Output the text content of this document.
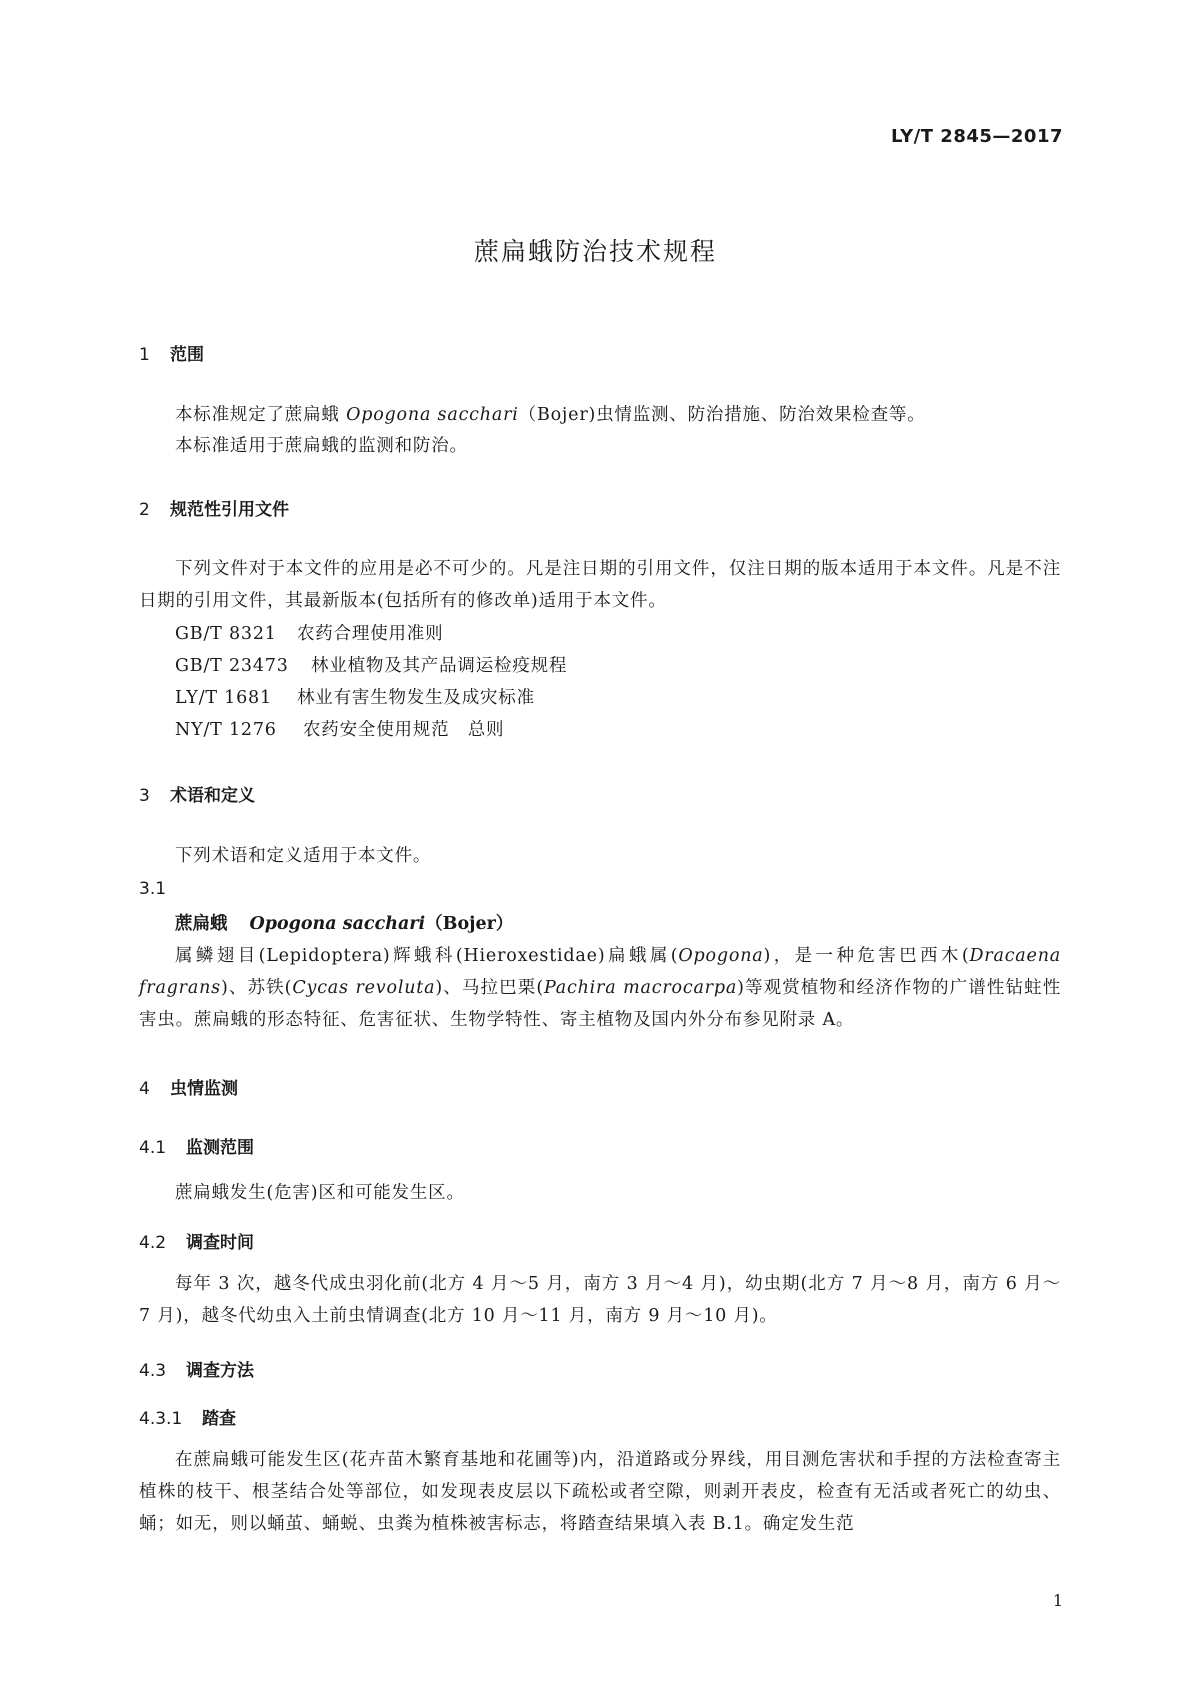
LY/T 2845—2017
蔗扁蛾防治技术规程
1 范围
本标准规定了蔗扁蛾 Opogona sacchari（Bojer)虫情监测、防治措施、防治效果检查等。
本标准适用于蔗扁蛾的监测和防治。
2 规范性引用文件
下列文件对于本文件的应用是必不可少的。凡是注日期的引用文件，仅注日期的版本适用于本文件。凡是不注日期的引用文件，其最新版本(包括所有的修改单)适用于本文件。
GB/T 8321 农药合理使用准则
GB/T 23473 林业植物及其产品调运检疫规程
LY/T 1681 林业有害生物发生及成灾标准
NY/T 1276 农药安全使用规范　总则
3 术语和定义
下列术语和定义适用于本文件。
3.1
蔗扁蛾 Opogona sacchari（Bojer）
属鳞翅目(Lepidoptera)辉蛾科(Hieroxestidae)扁蛾属(Opogona)，是一种危害巴西木(Dracaena fragrans)、苏铁(Cycas revoluta)、马拉巴栗(Pachira macrocarpa)等观赏植物和经济作物的广谱性钻蛀性害虫。蔗扁蛾的形态特征、危害征状、生物学特性、寄主植物及国内外分布参见附录 A。
4 虫情监测
4.1 监测范围
蔗扁蛾发生(危害)区和可能发生区。
4.2 调查时间
每年 3 次，越冬代成虫羽化前(北方 4 月～5 月，南方 3 月～4 月)，幼虫期(北方 7 月～8 月，南方 6 月～7 月)，越冬代幼虫入土前虫情调查(北方 10 月～11 月，南方 9 月～10 月)。
4.3 调查方法
4.3.1 踏查
在蔗扁蛾可能发生区(花卉苗木繁育基地和花圃等)内，沿道路或分界线，用目测危害状和手捏的方法检查寄主植株的枝干、根茎结合处等部位，如发现表皮层以下疏松或者空隙，则剥开表皮，检查有无活或者死亡的幼虫、蛹；如无，则以蛹茧、蛹蜕、虫粪为植株被害标志，将踏查结果填入表 B.1。确定发生范
1
